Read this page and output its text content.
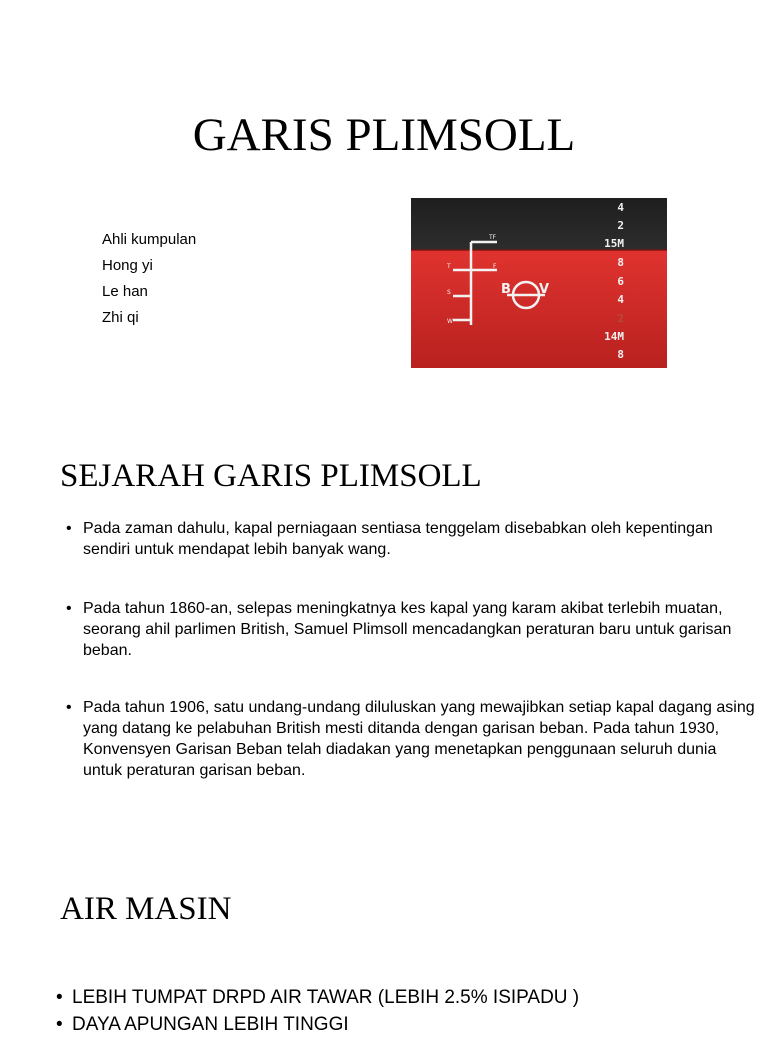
GARIS PLIMSOLL
Ahli kumpulan
Hong yi
Le han
Zhi qi
TF
T	F
S
W
B V
4
2
15M
8
6
4
2
14M
8
SEJARAH GARIS PLIMSOLL
• Pada zaman dahulu, kapal perniagaan sentiasa tenggelam disebabkan oleh kepentingan sendiri untuk mendapat lebih banyak wang.
• Pada tahun 1860-an, selepas meningkatnya kes kapal yang karam akibat terlebih muatan, seorang ahil parlimen British, Samuel Plimsoll mencadangkan peraturan baru untuk garisan beban.
• Pada tahun 1906, satu undang-undang diluluskan yang mewajibkan setiap kapal dagang asing yang datang ke pelabuhan British mesti ditanda dengan garisan beban. Pada tahun 1930, Konvensyen Garisan Beban telah diadakan yang menetapkan penggunaan seluruh dunia untuk peraturan garisan beban.
AIR MASIN
• LEBIH TUMPAT DRPD AIR TAWAR (LEBIH 2.5% ISIPADU )
• DAYA APUNGAN LEBIH TINGGI
